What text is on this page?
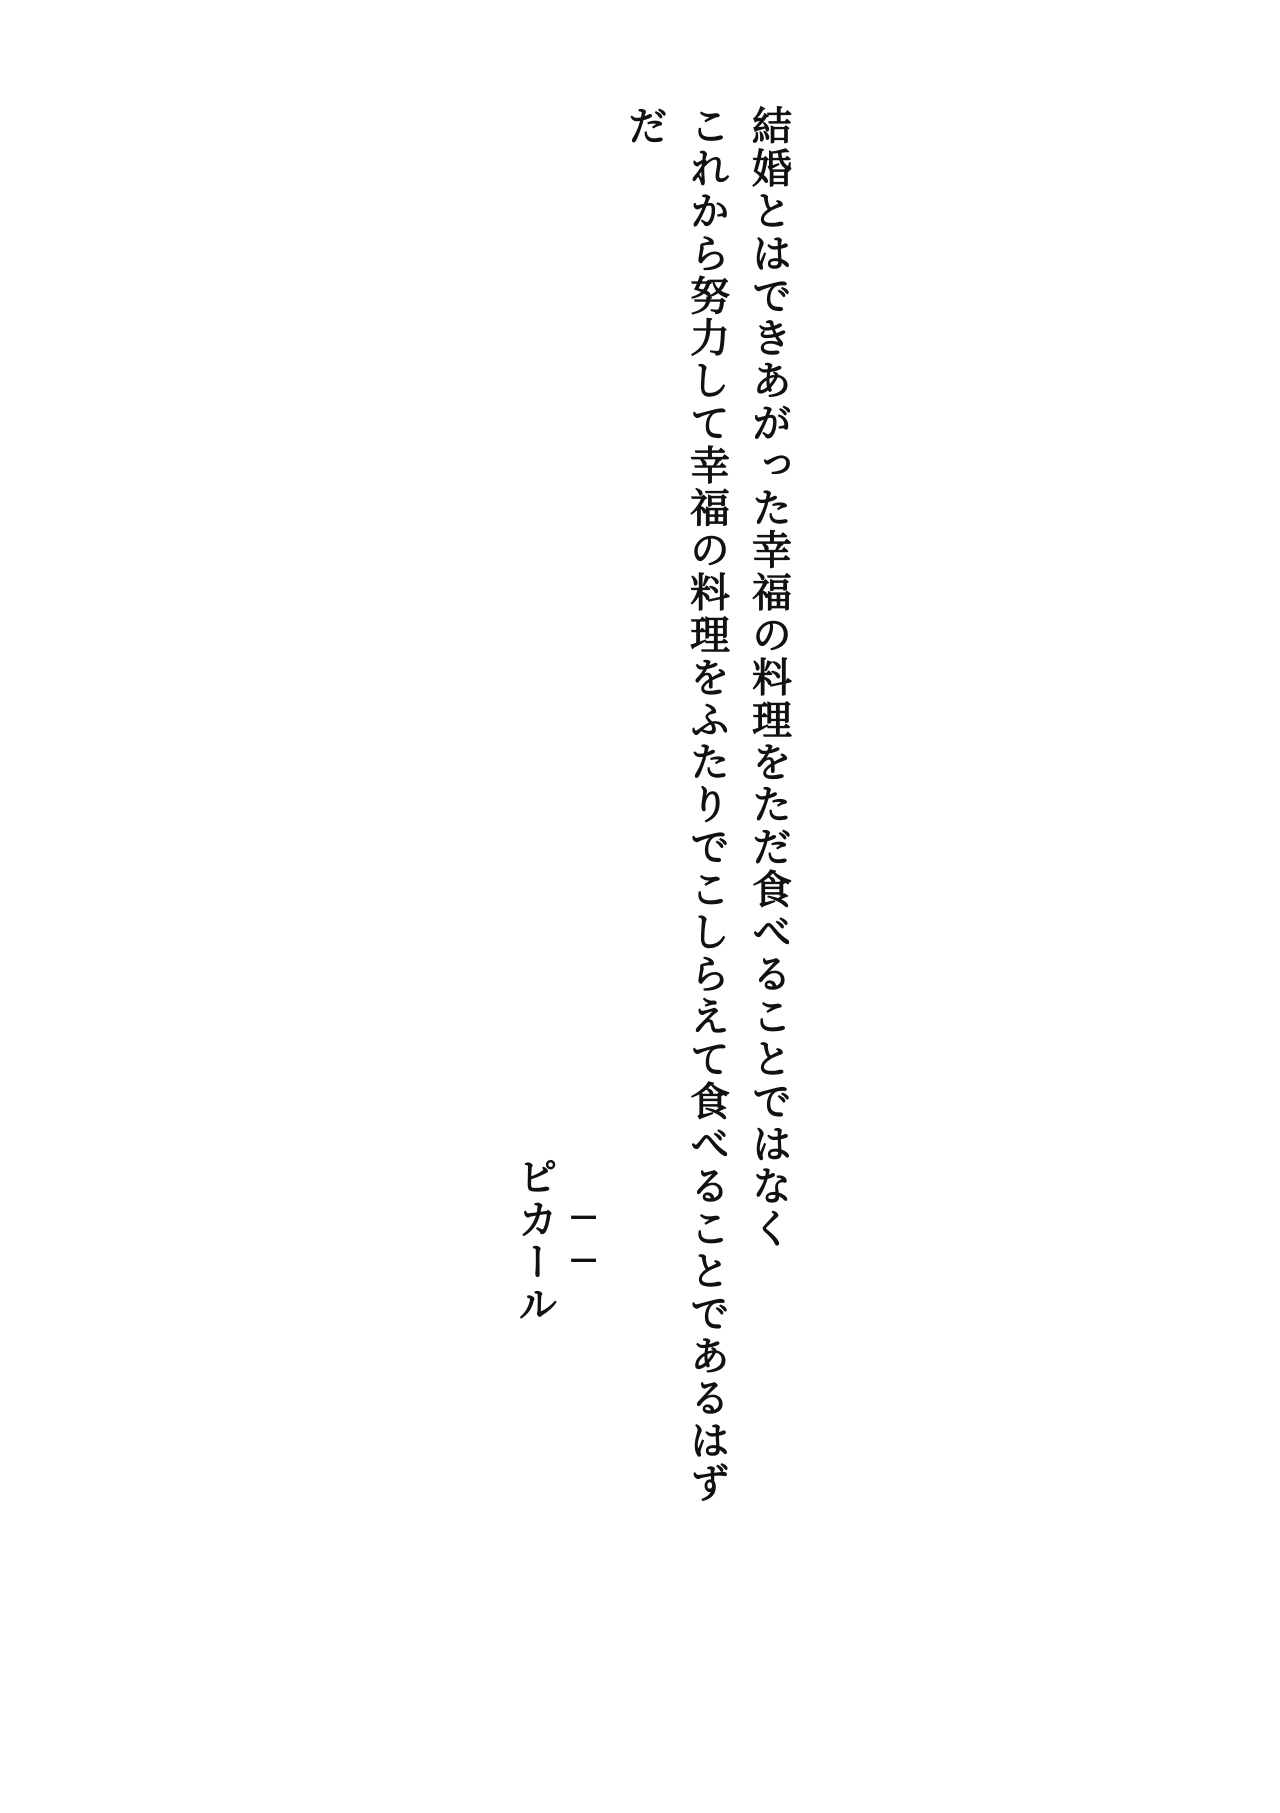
──
ピカール	これから努力して幸福の料理をふたりでこしらえて食べることであるはずだ	結婚とはできあがった幸福の料理をただ食べることではなく
